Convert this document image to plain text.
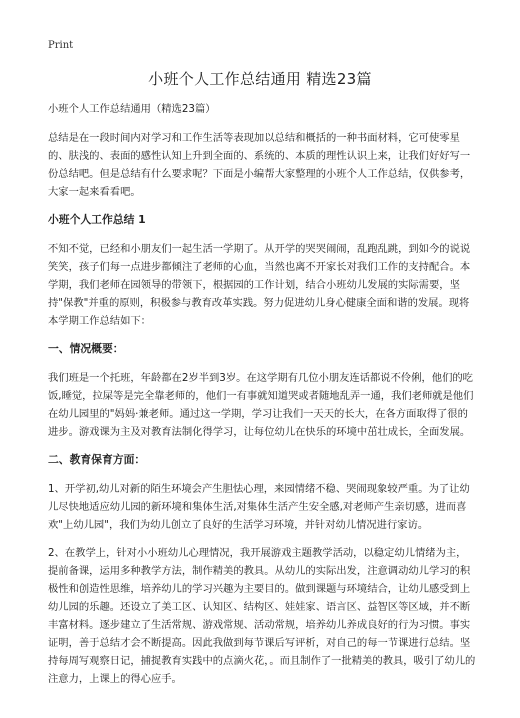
Print
小班个人工作总结通用 精选23篇

小班个人工作总结通用（精选23篇）

总结是在一段时间内对学习和工作生活等表现加以总结和概括的一种书面材料，它可使零星的、肤浅的、表面的感性认知上升到全面的、系统的、本质的理性认识上来，让我们好好写一份总结吧。但是总结有什么要求呢？下面是小编帮大家整理的小班个人工作总结，仅供参考，大家一起来看看吧。

小班个人工作总结 1

不知不觉，已经和小朋友们一起生活一学期了。从开学的哭哭闹闹，乱跑乱跳，到如今的说说笑笑，孩子们每一点进步都倾注了老师的心血，当然也离不开家长对我们工作的支持配合。本学期，我们老师在园领导的带领下，根据园的工作计划，结合小班幼儿发展的实际需要，坚持"保教"并重的原则，积极参与教育改革实践。努力促进幼儿身心健康全面和谐的发展。现将本学期工作总结如下：

一、情况概要：

我们班是一个托班，年龄都在2岁半到3岁。在这学期有几位小朋友连话都说不伶俐，他们的吃饭,睡觉，拉屎等是完全靠老师的，他们一有事就知道哭或者随地乱弄一通，我们老师就是他们在幼儿园里的"妈妈·兼老师。通过这一学期，学习让我们一天天的长大，在各方面取得了很的进步。游戏课为主及对教育法制化得学习，让每位幼儿在快乐的环境中茁壮成长，全面发展。

二、教育保育方面：

1、开学初,幼儿对新的陌生环境会产生胆怯心理，来园情绪不稳、哭闹现象较严重。为了让幼儿尽快地适应幼儿园的新环境和集体生活,对集体生活产生安全感,对老师产生亲切感，进而喜欢"上幼儿园"，我们为幼儿创立了良好的生活学习环境，并针对幼儿情况进行家访。

2、在教学上，针对小小班幼儿心理情况，我开展游戏主题教学活动，以稳定幼儿情绪为主，提前备课，运用多种教学方法，制作精美的教具。从幼儿的实际出发，注意调动幼儿学习的积极性和创造性思维，培养幼儿的学习兴趣为主要目的。做到课题与环境结合，让幼儿感受到上幼儿园的乐趣。还设立了美工区、认知区、结构区、娃娃家、语言区、益智区等区域，并不断丰富材料。逐步建立了生活常规、游戏常规、活动常规，培养幼儿养成良好的行为习惯。事实证明，善于总结才会不断提高。因此我做到每节课后写评析，对自己的每一节课进行总结。坚持每周写观察日记，捕捉教育实践中的点滴火花，。而且制作了一批精美的教具，吸引了幼儿的注意力，上课上的得心应手。
